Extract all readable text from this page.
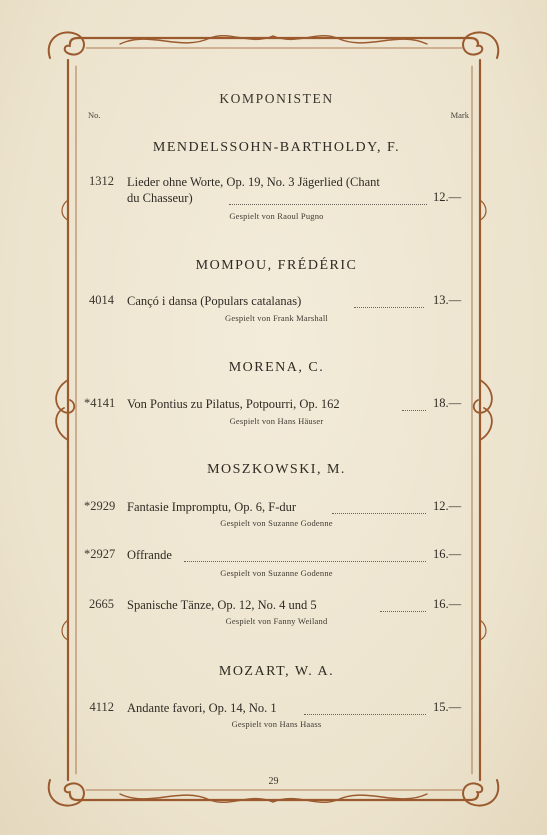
KOMPONISTEN
No.	Mark
MENDELSSOHN-BARTHOLDY, F.
1312 Lieder ohne Worte, Op. 19, No. 3 Jägerlied (Chant
du Chasseur)	12.—
Gespielt von Raoul Pugno
MOMPOU, FRÉDÉRIC
4014 Cançó i dansa (Populars catalanas)	13.—
Gespielt von Frank Marshall
MORENA, C.
*4141 Von Pontius zu Pilatus, Potpourri, Op. 162	18.—
Gespielt von Hans Häuser
MOSZKOWSKI, M.
*2929 Fantasie Impromptu, Op. 6, F-dur	12.—
Gespielt von Suzanne Godenne
*2927 Offrande	16.—
Gespielt von Suzanne Godenne
2665 Spanische Tänze, Op. 12, No. 4 und 5	16.—
Gespielt von Fanny Weiland
MOZART, W. A.
4112 Andante favori, Op. 14, No. 1	15.—
Gespielt von Hans Haass
29
